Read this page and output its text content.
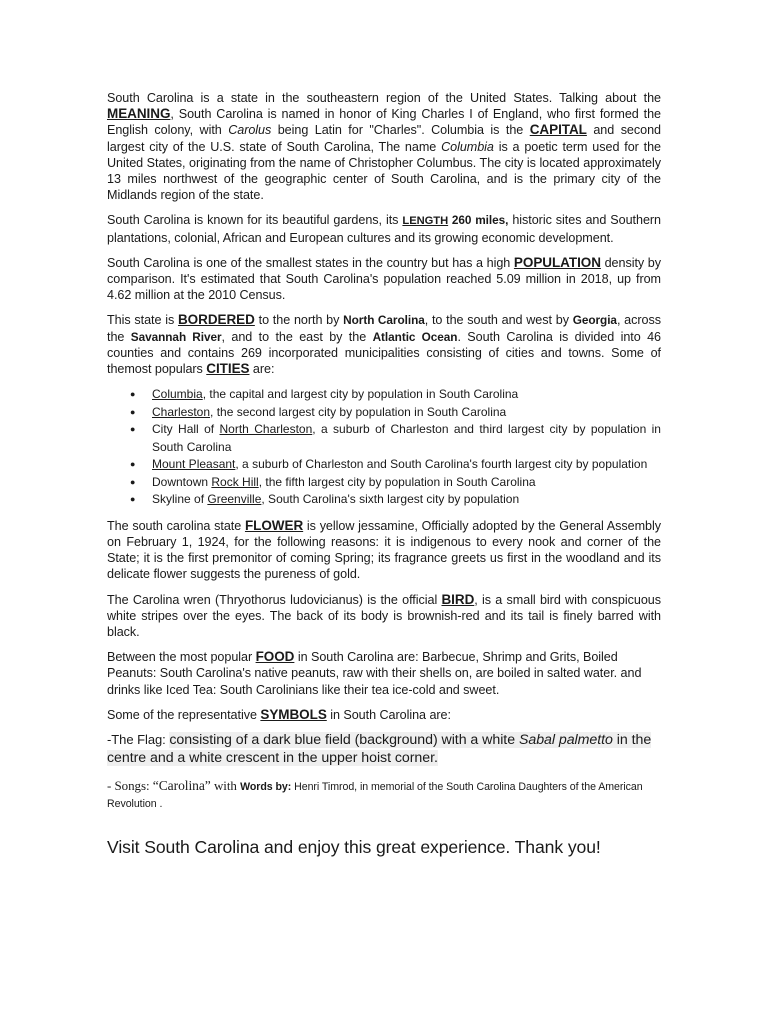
South Carolina is a state in the southeastern region of the United States. Talking about the MEANING, South Carolina is named in honor of King Charles I of England, who first formed the English colony, with Carolus being Latin for "Charles". Columbia is the CAPITAL and second largest city of the U.S. state of South Carolina, The name Columbia is a poetic term used for the United States, originating from the name of Christopher Columbus. The city is located approximately 13 miles northwest of the geographic center of South Carolina, and is the primary city of the Midlands region of the state.

South Carolina is known for its beautiful gardens, its LENGTH 260 miles, historic sites and Southern plantations, colonial, African and European cultures and its growing economic development.

South Carolina is one of the smallest states in the country but has a high POPULATION density by comparison. It's estimated that South Carolina's population reached 5.09 million in 2018, up from 4.62 million at the 2010 Census.

This state is BORDERED to the north by North Carolina, to the south and west by Georgia, across the Savannah River, and to the east by the Atlantic Ocean. South Carolina is divided into 46 counties and contains 269 incorporated municipalities consisting of cities and towns. Some of themost populars CITIES are:

● Columbia, the capital and largest city by population in South Carolina
● Charleston, the second largest city by population in South Carolina
● City Hall of North Charleston, a suburb of Charleston and third largest city by population in South Carolina
● Mount Pleasant, a suburb of Charleston and South Carolina's fourth largest city by population
● Downtown Rock Hill, the fifth largest city by population in South Carolina
● Skyline of Greenville, South Carolina's sixth largest city by population

The south carolina state FLOWER is yellow jessamine, Officially adopted by the General Assembly on February 1, 1924, for the following reasons: it is indigenous to every nook and corner of the State; it is the first premonitor of coming Spring; its fragrance greets us first in the woodland and its delicate flower suggests the pureness of gold.

The Carolina wren (Thryothorus ludovicianus) is the official BIRD, is a small bird with conspicuous white stripes over the eyes. The back of its body is brownish-red and its tail is finely barred with black.

Between the most popular FOOD in South Carolina are: Barbecue, Shrimp and Grits, Boiled Peanuts: South Carolina's native peanuts, raw with their shells on, are boiled in salted water. and drinks like Iced Tea: South Carolinians like their tea ice-cold and sweet.

Some of the representative SYMBOLS in South Carolina are:

-The Flag: consisting of a dark blue field (background) with a white Sabal palmetto in the centre and a white crescent in the upper hoist corner.

- Songs: “Carolina” with Words by: Henri Timrod, in memorial of the South Carolina Daughters of the American Revolution .

Visit South Carolina and enjoy this great experience. Thank you!
